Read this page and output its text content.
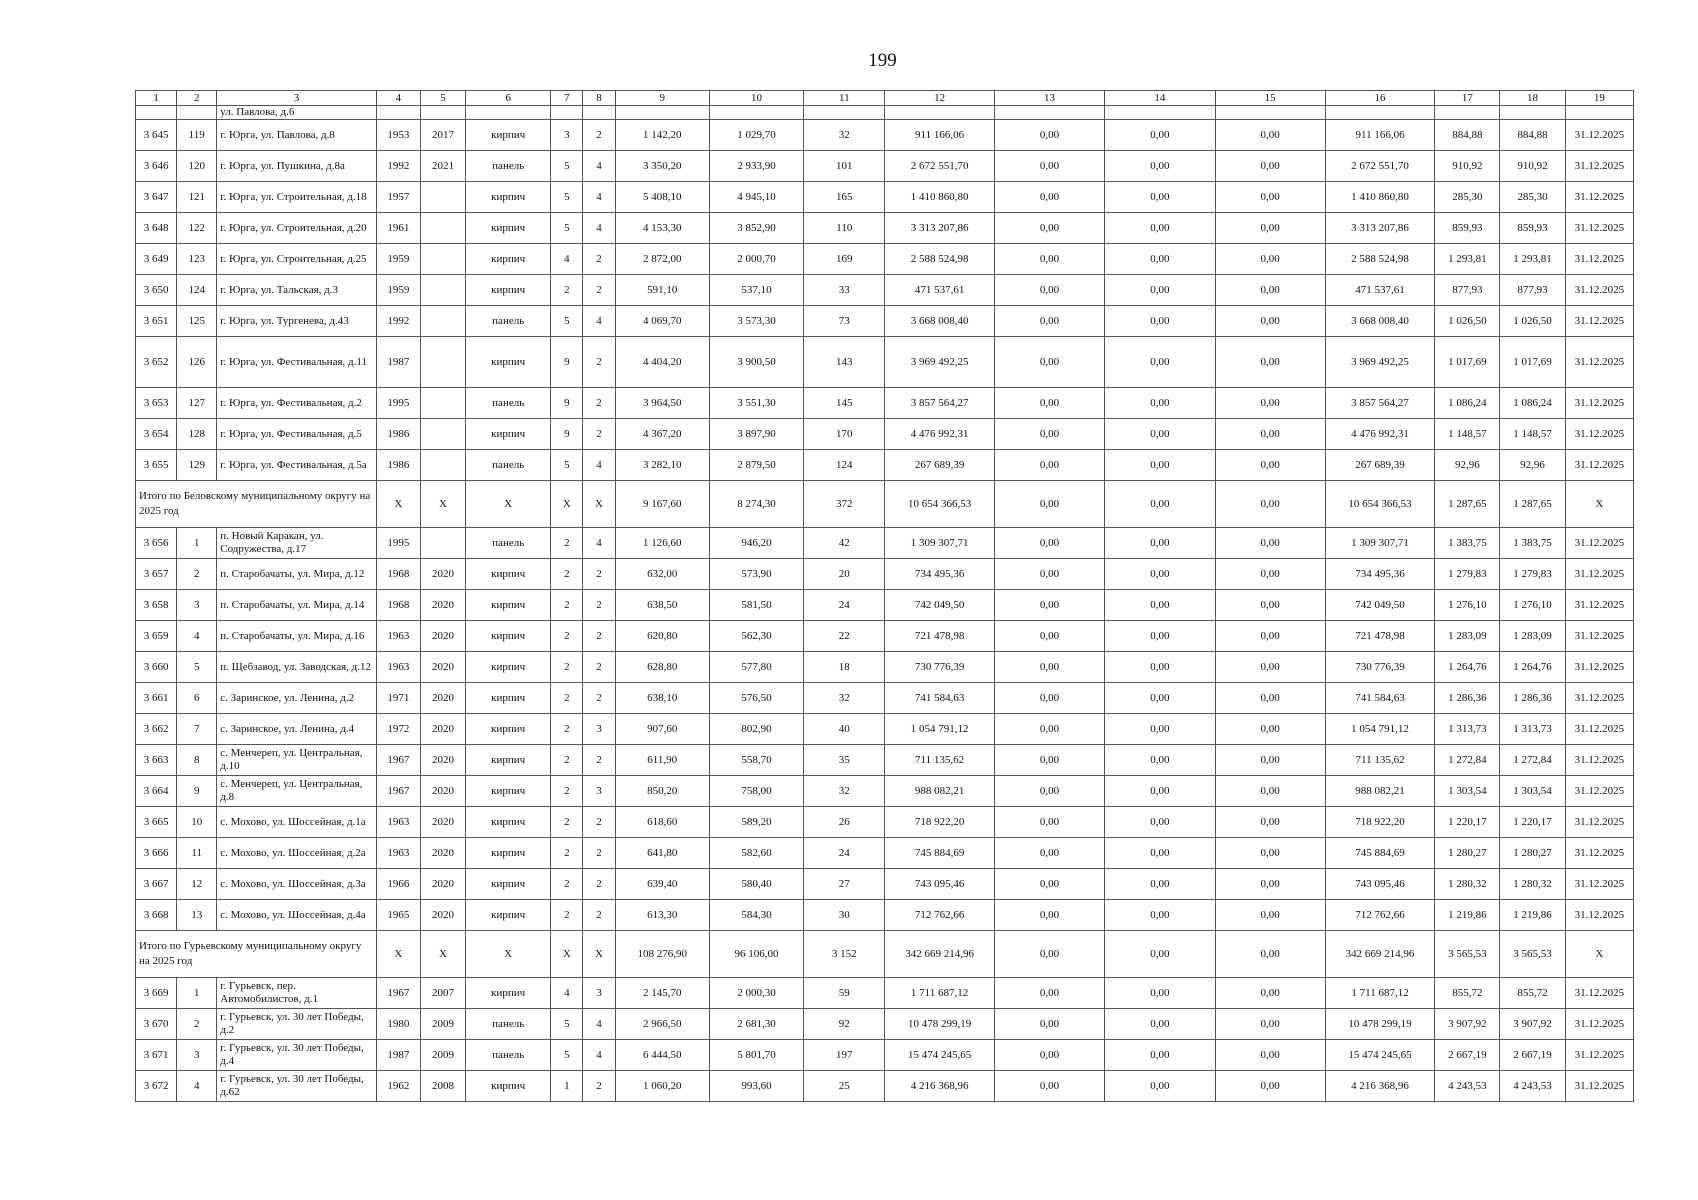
199
1	2	3	4	5	6	7	8	9	10	11	12	13	14	15	16	17	18	19
		ул. Павлова, д.6																
3 645	119	г. Юрга, ул. Павлова, д.8	1953	2017	кирпич	3	2	1 142,20	1 029,70	32	911 166,06	0,00	0,00	0,00	911 166,06	884,88	884,88	31.12.2025
3 646	120	г. Юрга, ул. Пушкина, д.8а	1992	2021	панель	5	4	3 350,20	2 933,90	101	2 672 551,70	0,00	0,00	0,00	2 672 551,70	910,92	910,92	31.12.2025
3 647	121	г. Юрга, ул. Строительная, д.18	1957		кирпич	5	4	5 408,10	4 945,10	165	1 410 860,80	0,00	0,00	0,00	1 410 860,80	285,30	285,30	31.12.2025
3 648	122	г. Юрга, ул. Строительная, д.20	1961		кирпич	5	4	4 153,30	3 852,90	110	3 313 207,86	0,00	0,00	0,00	3 313 207,86	859,93	859,93	31.12.2025
3 649	123	г. Юрга, ул. Строительная, д.25	1959		кирпич	4	2	2 872,00	2 000,70	169	2 588 524,98	0,00	0,00	0,00	2 588 524,98	1 293,81	1 293,81	31.12.2025
3 650	124	г. Юрга, ул. Тальская, д.3	1959		кирпич	2	2	591,10	537,10	33	471 537,61	0,00	0,00	0,00	471 537,61	877,93	877,93	31.12.2025
3 651	125	г. Юрга, ул. Тургенева, д.43	1992		панель	5	4	4 069,70	3 573,30	73	3 668 008,40	0,00	0,00	0,00	3 668 008,40	1 026,50	1 026,50	31.12.2025
3 652	126	г. Юрга, ул. Фестивальная, д.11	1987		кирпич	9	2	4 404,20	3 900,50	143	3 969 492,25	0,00	0,00	0,00	3 969 492,25	1 017,69	1 017,69	31.12.2025
3 653	127	г. Юрга, ул. Фестивальная, д.2	1995		панель	9	2	3 964,50	3 551,30	145	3 857 564,27	0,00	0,00	0,00	3 857 564,27	1 086,24	1 086,24	31.12.2025
3 654	128	г. Юрга, ул. Фестивальная, д.5	1986		кирпич	9	2	4 367,20	3 897,90	170	4 476 992,31	0,00	0,00	0,00	4 476 992,31	1 148,57	1 148,57	31.12.2025
3 655	129	г. Юрга, ул. Фестивальная, д.5а	1986		панель	5	4	3 282,10	2 879,50	124	267 689,39	0,00	0,00	0,00	267 689,39	92,96	92,96	31.12.2025
Итого по Беловскому муниципальному округу на 2025 год			X	X	X	X	X	9 167,60	8 274,30	372	10 654 366,53	0,00	0,00	0,00	10 654 366,53	1 287,65	1 287,65	X
3 656	1	п. Новый Каракан, ул. Содружества, д.17	1995		панель	2	4	1 126,60	946,20	42	1 309 307,71	0,00	0,00	0,00	1 309 307,71	1 383,75	1 383,75	31.12.2025
3 657	2	п. Старобачаты, ул. Мира, д.12	1968	2020	кирпич	2	2	632,00	573,90	20	734 495,36	0,00	0,00	0,00	734 495,36	1 279,83	1 279,83	31.12.2025
3 658	3	п. Старобачаты, ул. Мира, д.14	1968	2020	кирпич	2	2	638,50	581,50	24	742 049,50	0,00	0,00	0,00	742 049,50	1 276,10	1 276,10	31.12.2025
3 659	4	п. Старобачаты, ул. Мира, д.16	1963	2020	кирпич	2	2	620,80	562,30	22	721 478,98	0,00	0,00	0,00	721 478,98	1 283,09	1 283,09	31.12.2025
3 660	5	п. Щебзавод, ул. Заводская, д.12	1963	2020	кирпич	2	2	628,80	577,80	18	730 776,39	0,00	0,00	0,00	730 776,39	1 264,76	1 264,76	31.12.2025
3 661	6	с. Заринское, ул. Ленина, д.2	1971	2020	кирпич	2	2	638,10	576,50	32	741 584,63	0,00	0,00	0,00	741 584,63	1 286,36	1 286,36	31.12.2025
3 662	7	с. Заринское, ул. Ленина, д.4	1972	2020	кирпич	2	3	907,60	802,90	40	1 054 791,12	0,00	0,00	0,00	1 054 791,12	1 313,73	1 313,73	31.12.2025
3 663	8	с. Менчереп, ул. Центральная, д.10	1967	2020	кирпич	2	2	611,90	558,70	35	711 135,62	0,00	0,00	0,00	711 135,62	1 272,84	1 272,84	31.12.2025
3 664	9	с. Менчереп, ул. Центральная, д.8	1967	2020	кирпич	2	3	850,20	758,00	32	988 082,21	0,00	0,00	0,00	988 082,21	1 303,54	1 303,54	31.12.2025
3 665	10	с. Мохово, ул. Шоссейная, д.1а	1963	2020	кирпич	2	2	618,60	589,20	26	718 922,20	0,00	0,00	0,00	718 922,20	1 220,17	1 220,17	31.12.2025
3 666	11	с. Мохово, ул. Шоссейная, д.2а	1963	2020	кирпич	2	2	641,80	582,60	24	745 884,69	0,00	0,00	0,00	745 884,69	1 280,27	1 280,27	31.12.2025
3 667	12	с. Мохово, ул. Шоссейная, д.3а	1966	2020	кирпич	2	2	639,40	580,40	27	743 095,46	0,00	0,00	0,00	743 095,46	1 280,32	1 280,32	31.12.2025
3 668	13	с. Мохово, ул. Шоссейная, д.4а	1965	2020	кирпич	2	2	613,30	584,30	30	712 762,66	0,00	0,00	0,00	712 762,66	1 219,86	1 219,86	31.12.2025
Итого по Гурьевскому муниципальному округу на 2025 год			X	X	X	X	X	108 276,90	96 106,00	3 152	342 669 214,96	0,00	0,00	0,00	342 669 214,96	3 565,53	3 565,53	X
3 669	1	г. Гурьевск, пер. Автомобилистов, д.1	1967	2007	кирпич	4	3	2 145,70	2 000,30	59	1 711 687,12	0,00	0,00	0,00	1 711 687,12	855,72	855,72	31.12.2025
3 670	2	г. Гурьевск, ул. 30 лет Победы, д.2	1980	2009	панель	5	4	2 966,50	2 681,30	92	10 478 299,19	0,00	0,00	0,00	10 478 299,19	3 907,92	3 907,92	31.12.2025
3 671	3	г. Гурьевск, ул. 30 лет Победы, д.4	1987	2009	панель	5	4	6 444,50	5 801,70	197	15 474 245,65	0,00	0,00	0,00	15 474 245,65	2 667,19	2 667,19	31.12.2025
3 672	4	г. Гурьевск, ул. 30 лет Победы, д.62	1962	2008	кирпич	1	2	1 060,20	993,60	25	4 216 368,96	0,00	0,00	0,00	4 216 368,96	4 243,53	4 243,53	31.12.2025
